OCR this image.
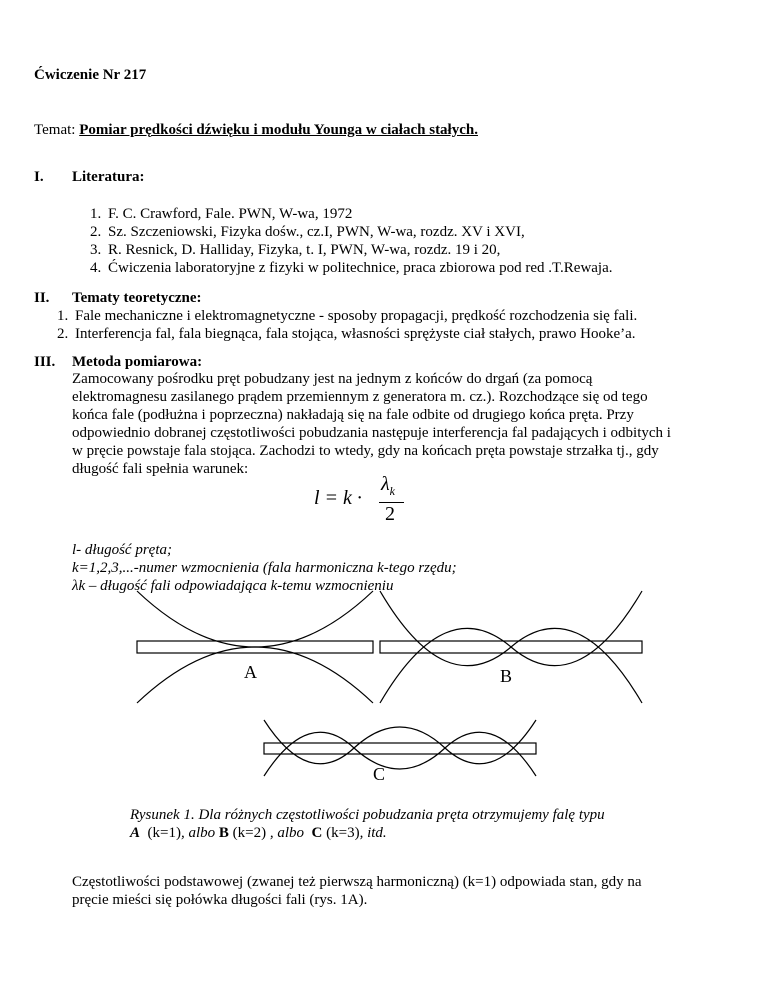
Ćwiczenie Nr 217
Temat: Pomiar prędkości dźwięku i modułu Younga w ciałach stałych.
I. Literatura:
1. F. C. Crawford, Fale. PWN, W-wa, 1972
2. Sz. Szczeniowski, Fizyka dośw., cz.I, PWN, W-wa, rozdz. XV i XVI,
3. R. Resnick, D. Halliday, Fizyka, t. I, PWN, W-wa, rozdz. 19 i 20,
4. Ćwiczenia laboratoryjne z fizyki w politechnice, praca zbiorowa pod red .T.Rewaja.
II. Tematy teoretyczne:
1. Fale mechaniczne i elektromagnetyczne - sposoby propagacji, prędkość rozchodzenia się fali.
2. Interferencja fal, fala biegnąca, fala stojąca, własności sprężyste ciał stałych, prawo Hooke’a.
III. Metoda pomiarowa:
Zamocowany pośrodku pręt pobudzany jest na jednym z końców do drgań (za pomocą
elektromagnesu zasilanego prądem przemiennym z generatora m. cz.). Rozchodzące się od tego
końca fale (podłużna i poprzeczna) nakładają się na fale odbite od drugiego końca pręta. Przy
odpowiednio dobranej częstotliwości pobudzania następuje interferencja fal padających i odbitych i
w pręcie powstaje fala stojąca. Zachodzi to wtedy, gdy na końcach pręta powstaje strzałka tj., gdy
długość fali spełnia warunek:
l = k ·
$\lambda_k$
2
l- długość pręta;
k=1,2,3,...-numer wzmocnienia (fala harmoniczna k-tego rzędu;
λk – długość fali odpowiadająca k-temu wzmocnieniu
A	B
C
Rysunek 1. Dla różnych częstotliwości pobudzania pręta otrzymujemy falę typu
A (k=1), albo B (k=2) , albo C (k=3), itd.
Częstotliwości podstawowej (zwanej też pierwszą harmoniczną) (k=1) odpowiada stan, gdy na
pręcie mieści się połówka długości fali (rys. 1A).
